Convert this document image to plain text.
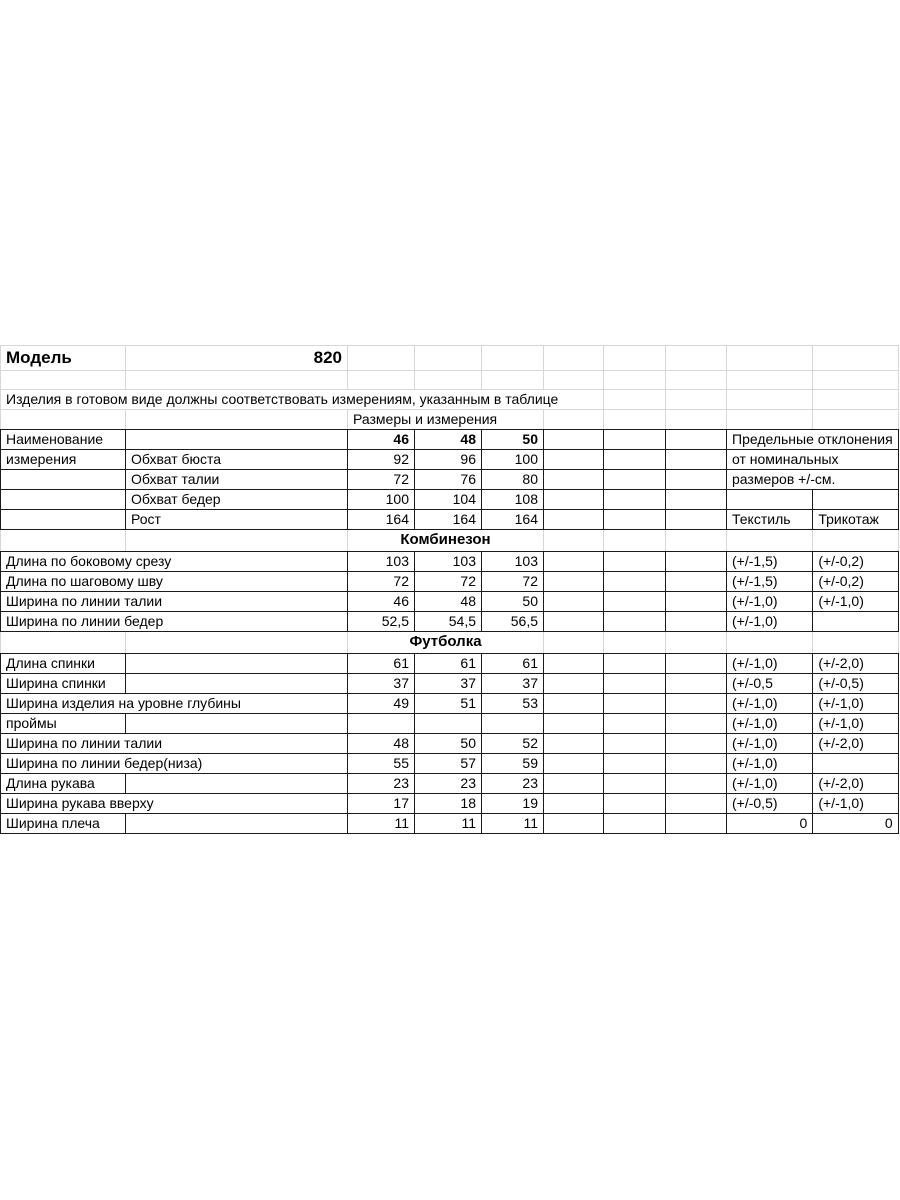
Модель	820								

Изделия в готовом виде должны соответствовать измерениям, указанным в таблице									
		Размеры и измерения							
Наименование		46	48	50				Предельные отклонения	
измерения	Обхват бюста	92	96	100				от номинальных	
	Обхват талии	72	76	80				размеров +/-см.	
	Обхват бедер	100	104	108					
	Рост	164	164	164				Текстиль	Трикотаж
		Комбинезон							
Длина по боковому срезу		103	103	103				(+/-1,5)	(+/-0,2)
Длина по шаговому шву		72	72	72				(+/-1,5)	(+/-0,2)
Ширина по линии талии		46	48	50				(+/-1,0)	(+/-1,0)
Ширина по линии бедер		52,5	54,5	56,5				(+/-1,0)	
		Футболка							
Длина спинки		61	61	61				(+/-1,0)	(+/-2,0)
Ширина спинки		37	37	37				(+/-0,5	(+/-0,5)
Ширина изделия на уровне глубины		49	51	53				(+/-1,0)	(+/-1,0)
проймы								(+/-1,0)	(+/-1,0)
Ширина по линии талии		48	50	52				(+/-1,0)	(+/-2,0)
Ширина по линии бедер(низа)		55	57	59				(+/-1,0)	
Длина рукава		23	23	23				(+/-1,0)	(+/-2,0)
Ширина рукава вверху		17	18	19				(+/-0,5)	(+/-1,0)
Ширина плеча		11	11	11				0	0
